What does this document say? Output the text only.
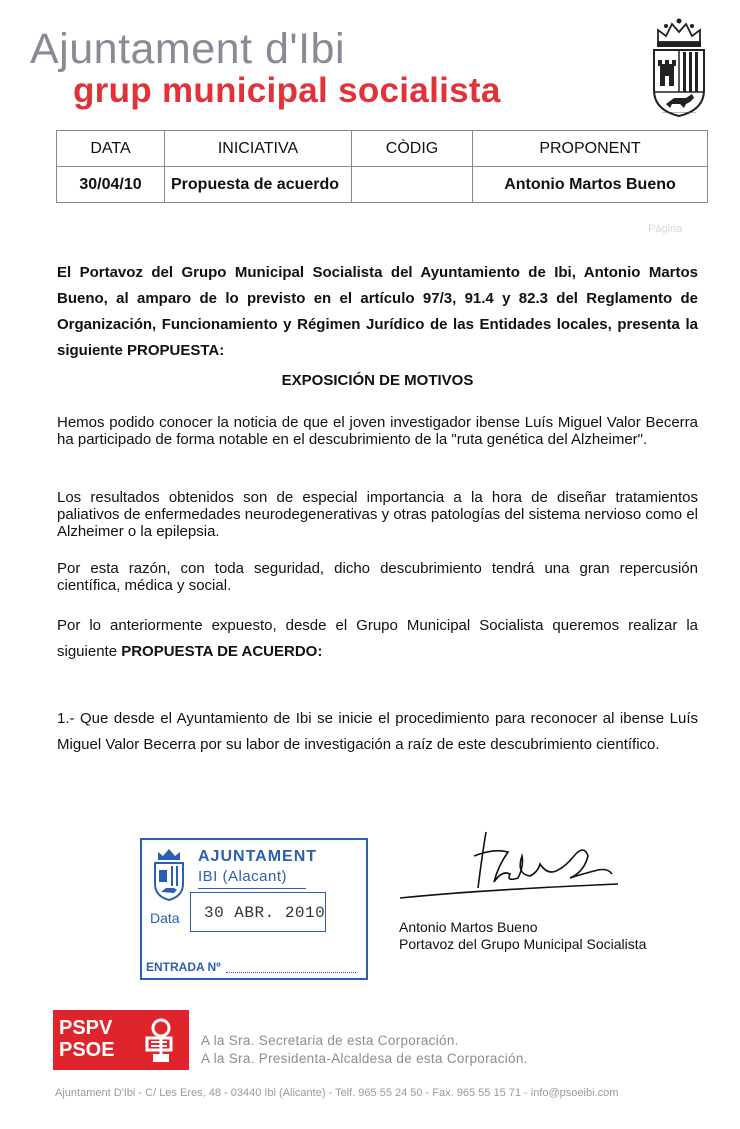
Ajuntament d'Ibi
grup municipal socialista
──────────
DATA	INICIATIVA	CÒDIG	PROPONENT
30/04/10	Propuesta de acuerdo		Antonio Martos Bueno
Página
El Portavoz del Grupo Municipal Socialista del Ayuntamiento de Ibi, Antonio Martos Bueno, al amparo de lo previsto en el artículo 97/3, 91.4 y 82.3 del Reglamento de Organización, Funcionamiento y Régimen Jurídico de las Entidades locales, presenta la siguiente PROPUESTA:
EXPOSICIÓN DE MOTIVOS
Hemos podido conocer la noticia de que el joven investigador ibense Luís Miguel Valor Becerra ha participado de forma notable en el descubrimiento de la "ruta genética del Alzheimer".
Los resultados obtenidos son de especial importancia a la hora de diseñar tratamientos paliativos de enfermedades neurodegenerativas y otras patologías del sistema nervioso como el Alzheimer o la epilepsia.
Por esta razón, con toda seguridad, dicho descubrimiento tendrá una gran repercusión científica, médica y social.
Por lo anteriormente expuesto, desde el Grupo Municipal Socialista queremos realizar la siguiente PROPUESTA DE ACUERDO:
1.- Que desde el Ayuntamiento de Ibi se inicie el procedimiento para reconocer al ibense Luís Miguel Valor Becerra por su labor de investigación a raíz de este descubrimiento científico.
AJUNTAMENT
IBI (Alacant)
Data 30 ABR. 2010
ENTRADA Nº
Antonio Martos Bueno
Portavoz del Grupo Municipal Socialista
PSPV
PSOE	A la Sra. Secretaria de esta Corporación.
A la Sra. Presidenta-Alcaldesa de esta Corporación.
Ajuntament D'Ibi - C/ Les Eres, 48 - 03440 Ibi (Alicante) - Telf. 965 55 24 50 - Fax. 965 55 15 71 - info@psoeibi.com
